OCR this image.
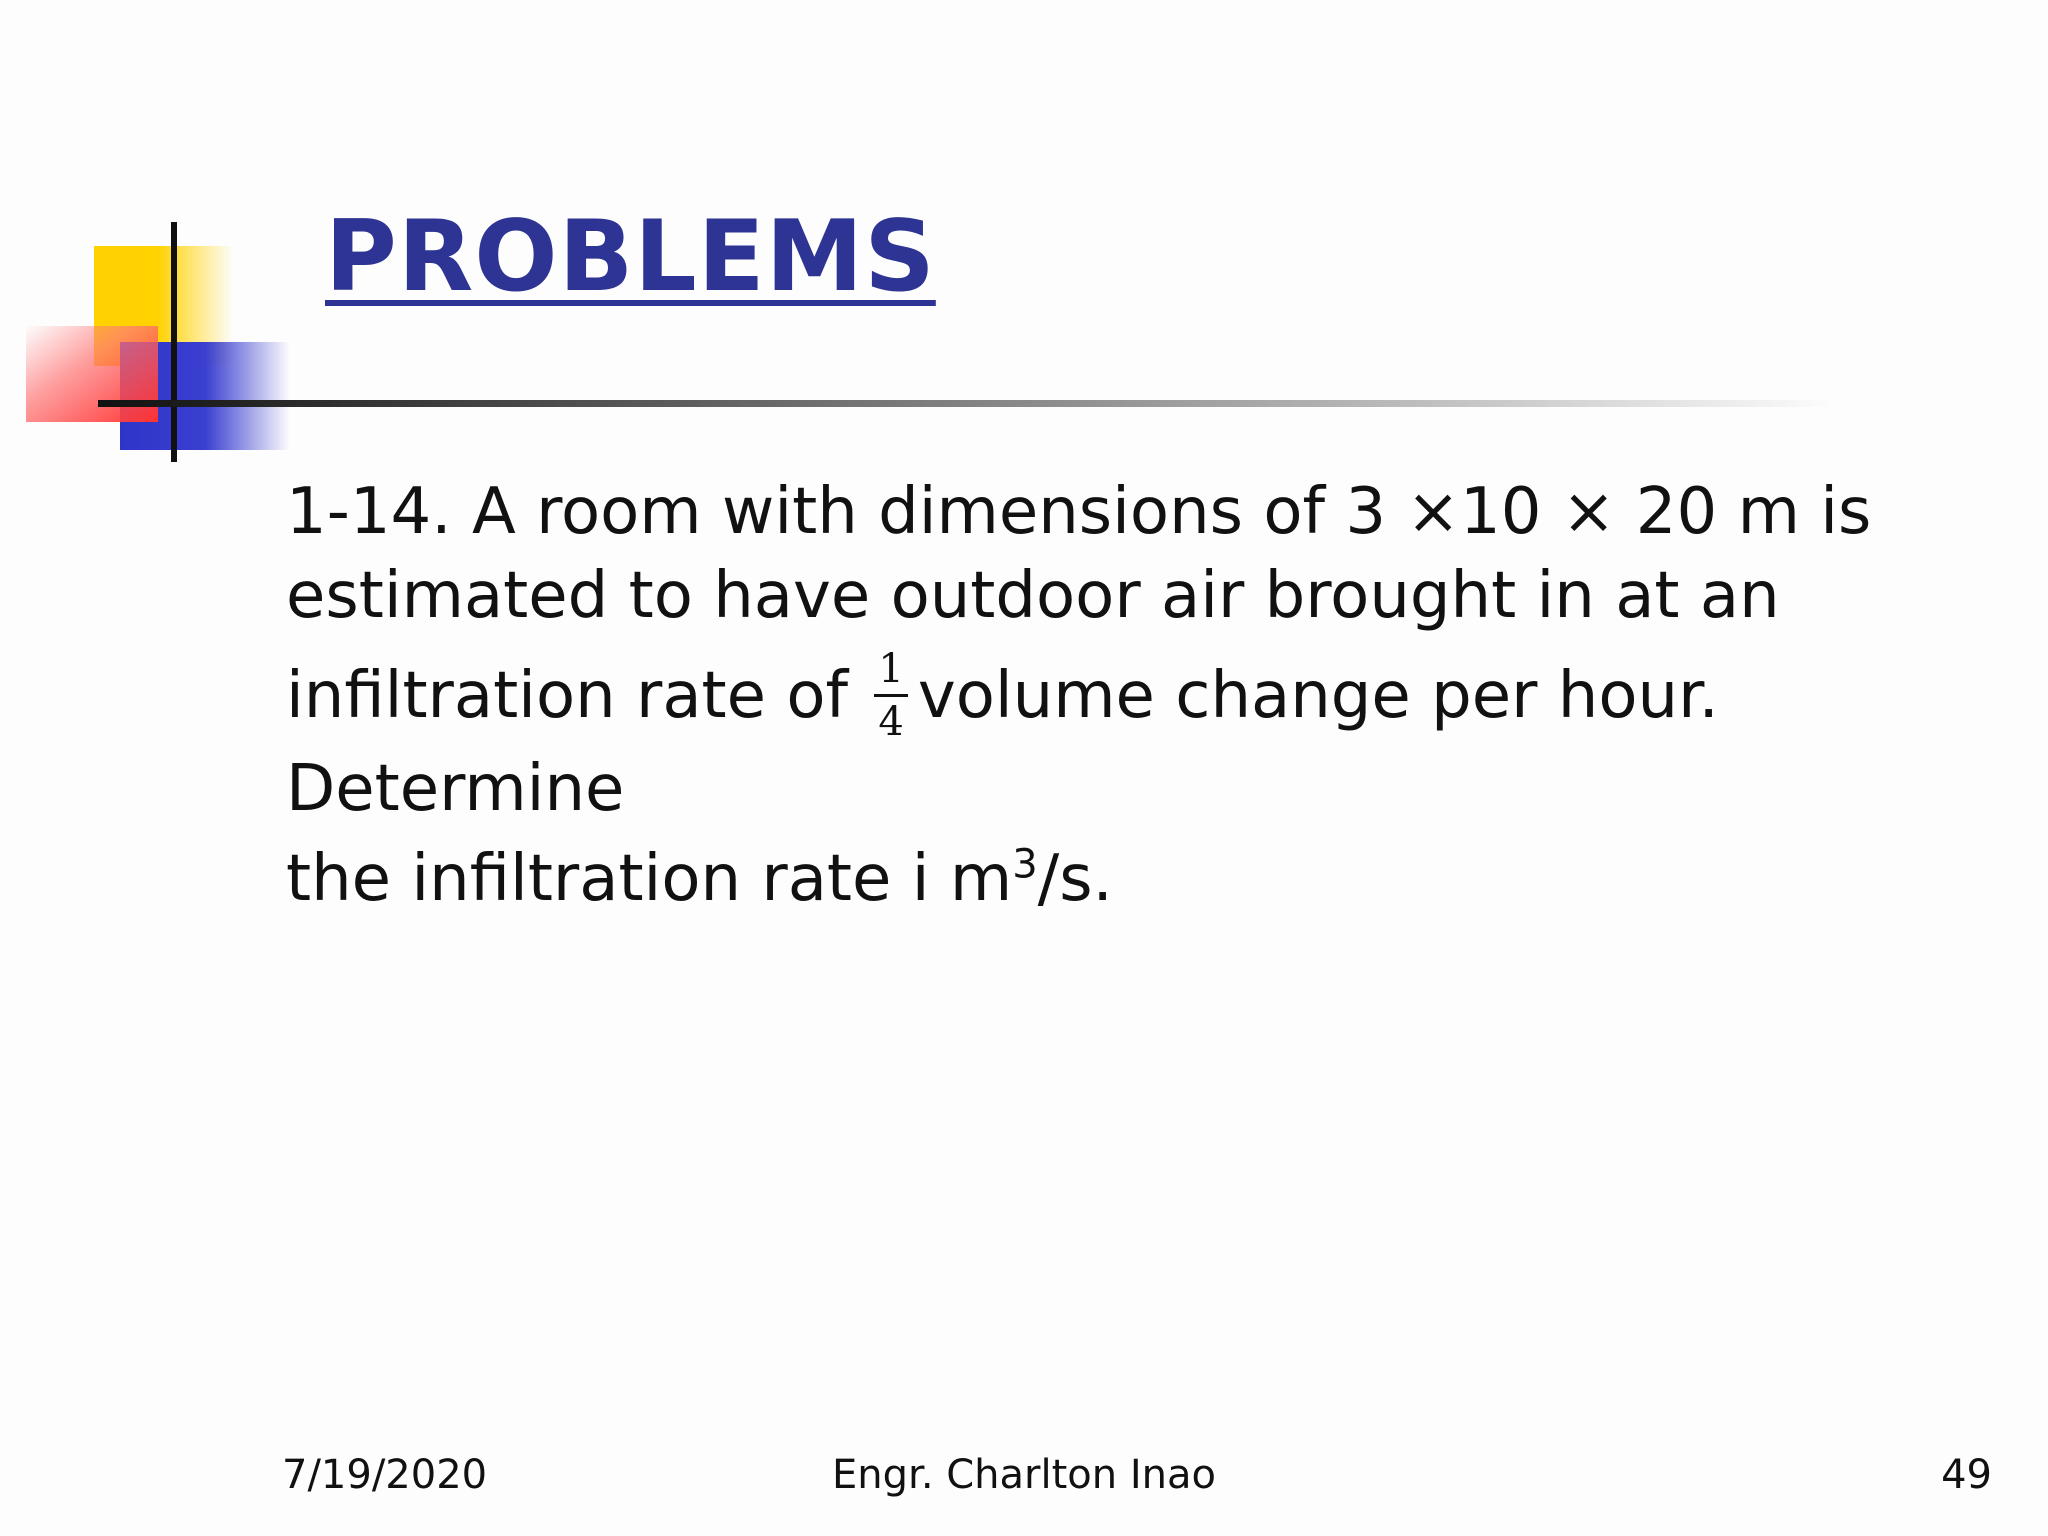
PROBLEMS
1-14. A room with dimensions of 3 ×10 × 20 m is
estimated to have outdoor air brought in at an
infiltration rate of $\frac{1}{4}$ volume change per hour. Determine
the infiltration rate i $m^3/s$.
7/19/2020	Engr. Charlton Inao	49
